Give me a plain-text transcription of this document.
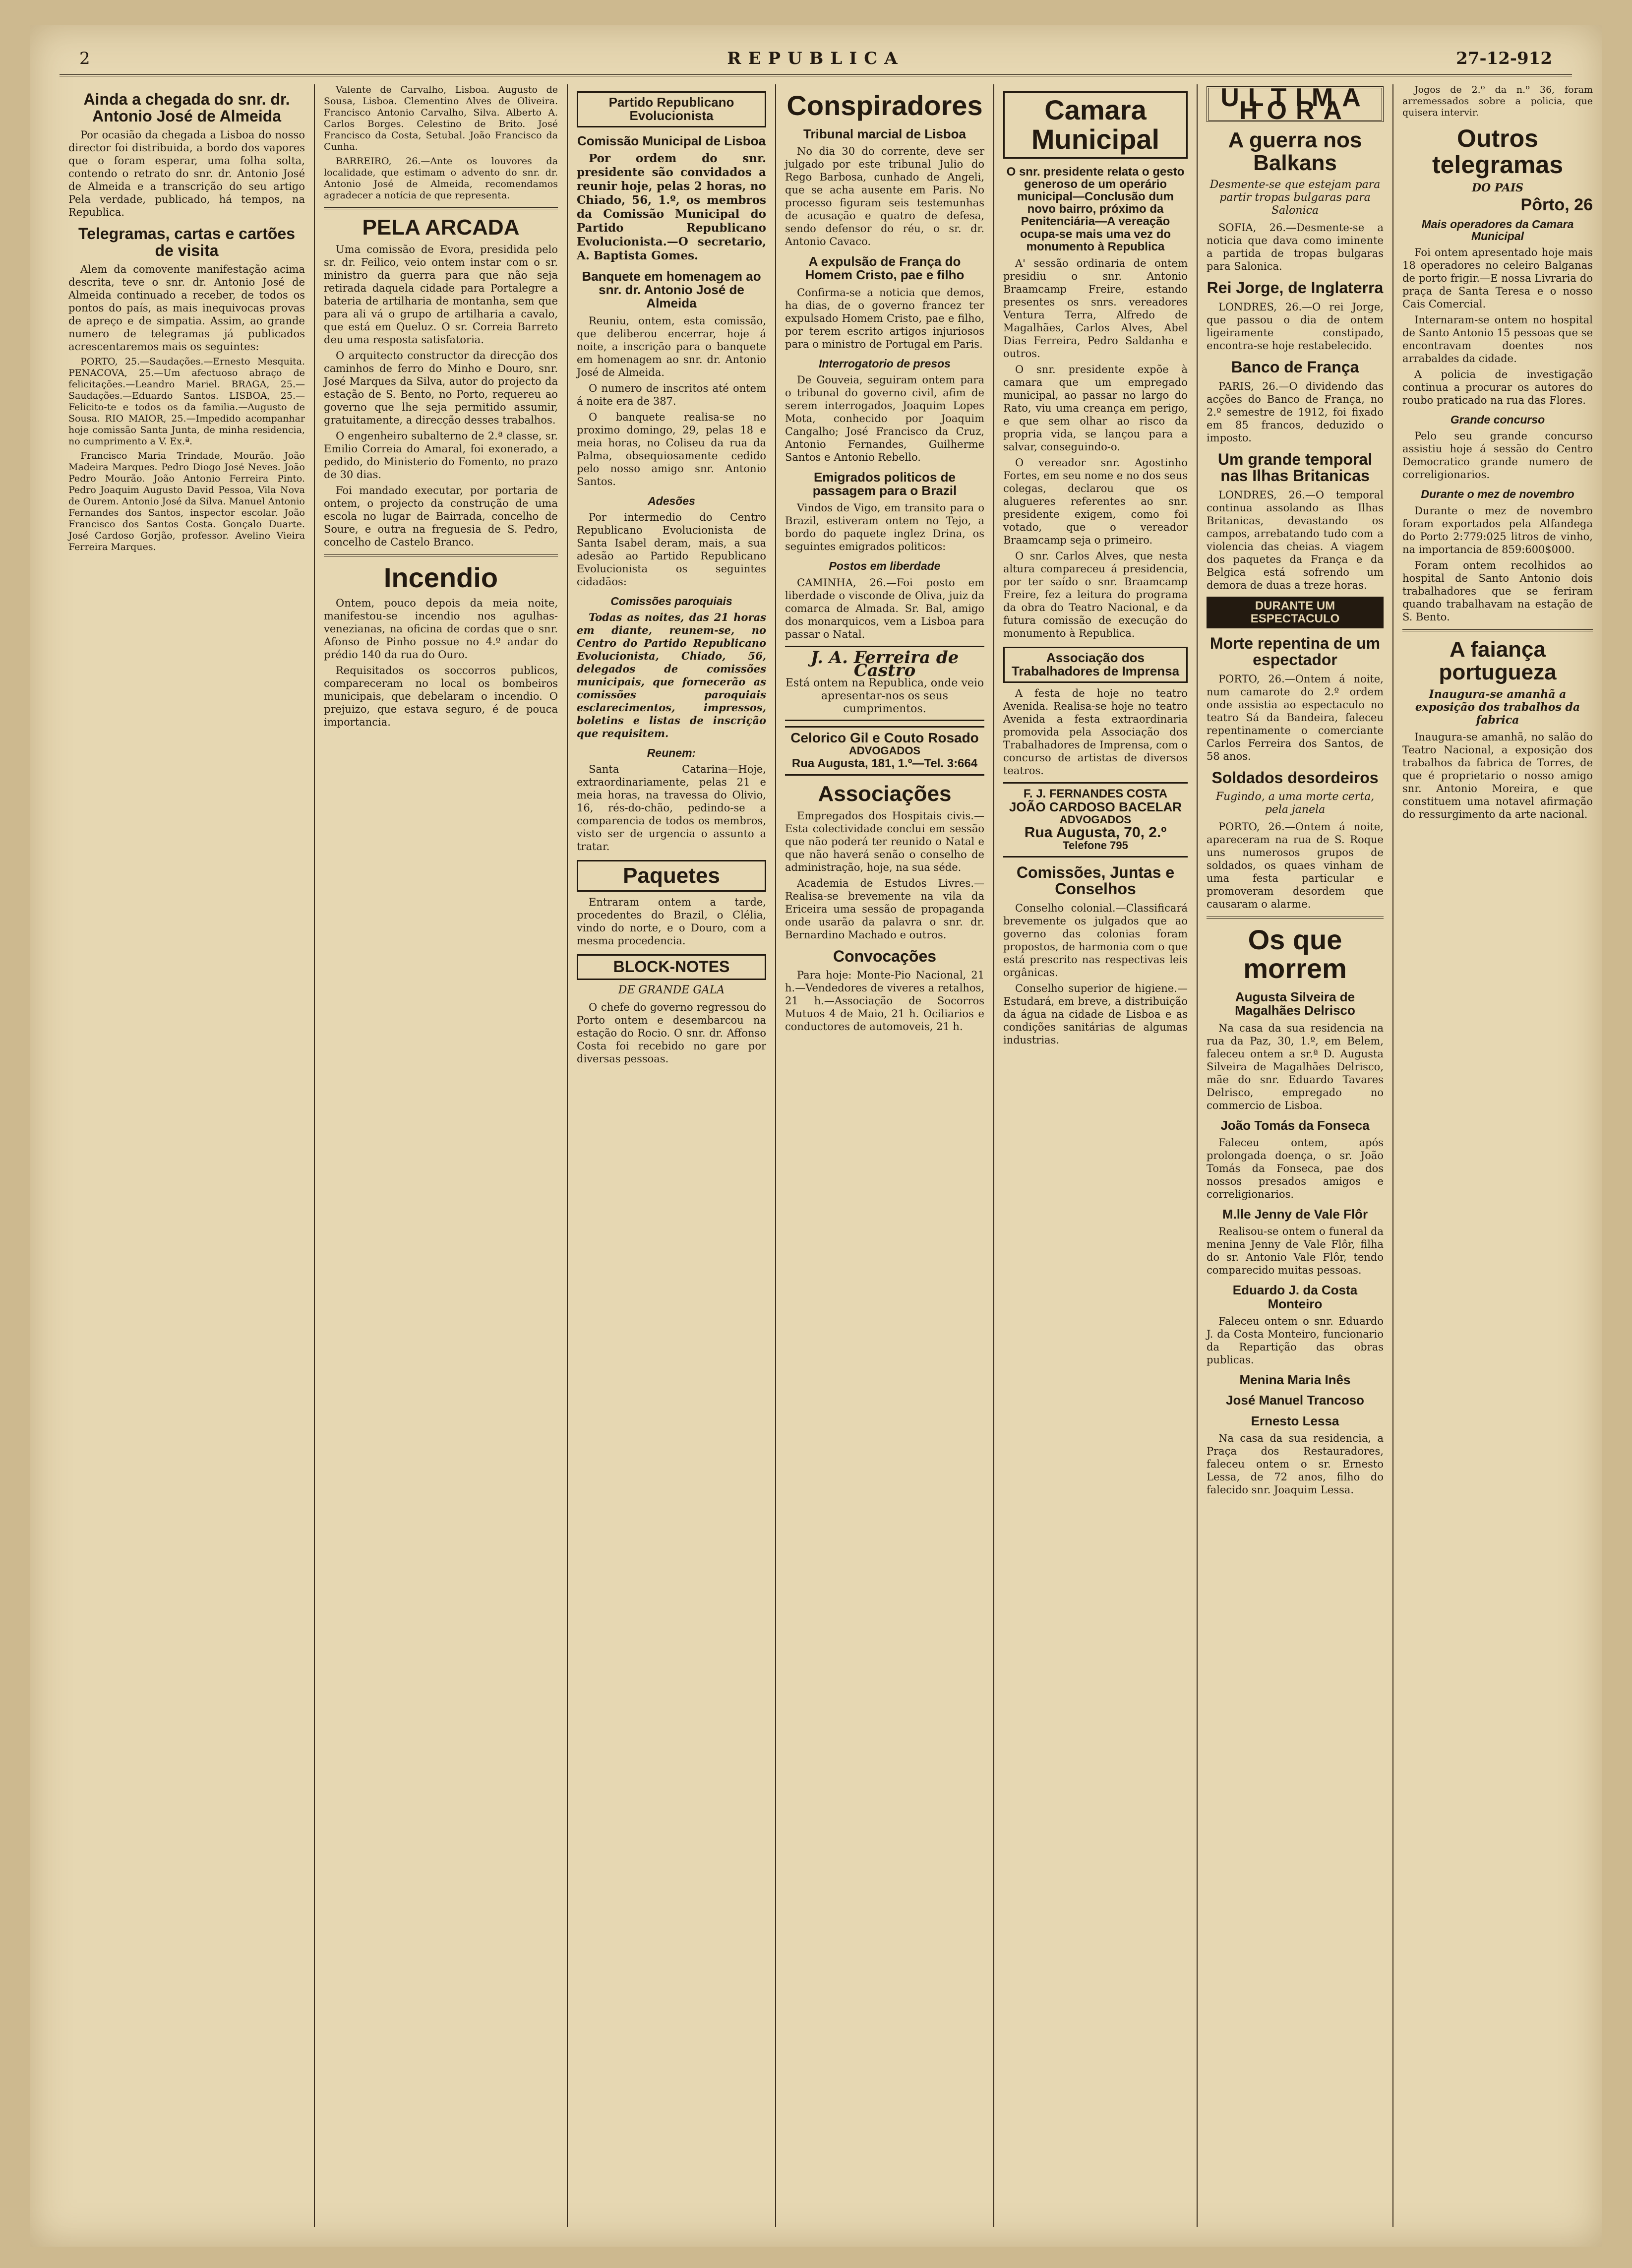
2	REPUBLICA	27-12-912
Ainda a chegada do snr. dr. Antonio José de Almeida

Por ocasião da chegada a Lisboa do nosso director foi distribuida, a bordo dos vapores que o foram esperar, uma folha solta, contendo o retrato do snr. dr. Antonio José de Almeida e a transcrição do seu artigo Pela verdade, publicado, há tempos, na Republica.

Telegramas, cartas e cartões de visita

Alem da comovente manifestação acima descrita, teve o snr. dr. Antonio José de Almeida continuado a receber, de todos os pontos do país, as mais inequivocas provas de apreço e de simpatia. Assim, ao grande numero de telegramas já publicados acrescentaremos mais os seguintes:

PORTO, 25.—Saudações.—Ernesto Mesquita. PENACOVA, 25.—Um afectuoso abraço de felicitações.—Leandro Mariel. BRAGA, 25.—Saudações.—Eduardo Santos. LISBOA, 25.—Felicito-te e todos os da familia.—Augusto de Sousa. RIO MAIOR, 25.—Impedido acompanhar hoje comissão Santa Junta, de minha residencia, no cumprimento a V. Ex.ª.

Francisco Maria Trindade, Mourão. João Madeira Marques. Pedro Diogo José Neves. João Pedro Mourão. João Antonio Ferreira Pinto. Pedro Joaquim Augusto David Pessoa, Vila Nova de Ourem. Antonio José da Silva. Manuel Antonio Fernandes dos Santos, inspector escolar. João Francisco dos Santos Costa. Gonçalo Duarte. José Cardoso Gorjão, professor. Avelino Vieira Ferreira Marques.

Valente de Carvalho, Lisboa. Augusto de Sousa, Lisboa. Clementino Alves de Oliveira. Francisco Antonio Carvalho, Silva. Alberto A. Carlos Borges. Celestino de Brito. José Francisco da Costa, Setubal. João Francisco da Cunha.

BARREIRO, 26.—Ante os louvores da localidade, que estimam o advento do snr. dr. Antonio José de Almeida, recomendamos agradecer a notícia de que representa.

PELA ARCADA

Uma comissão de Evora, presidida pelo sr. dr. Feilico, veio ontem instar com o sr. ministro da guerra para que não seja retirada daquela cidade para Portalegre a bateria de artilharia de montanha, sem que para ali vá o grupo de artilharia a cavalo, que está em Queluz. O sr. Correia Barreto deu uma resposta satisfatoria.

O arquitecto constructor da direcção dos caminhos de ferro do Minho e Douro, snr. José Marques da Silva, autor do projecto da estação de S. Bento, no Porto, requereu ao governo que lhe seja permitido assumir, gratuitamente, a direcção desses trabalhos.

O engenheiro subalterno de 2.ª classe, sr. Emilio Correia do Amaral, foi exonerado, a pedido, do Ministerio do Fomento, no prazo de 30 dias.

Foi mandado executar, por portaria de ontem, o projecto da construção de uma escola no lugar de Bairrada, concelho de Soure, e outra na freguesia de S. Pedro, concelho de Castelo Branco.

Incendio

Ontem, pouco depois da meia noite, manifestou-se incendio nos agulhas-venezianas, na oficina de cordas que o snr. Afonso de Pinho possue no 4.º andar do prédio 140 da rua do Ouro.

Requisitados os soccorros publicos, compareceram no local os bombeiros municipais, que debelaram o incendio. O prejuizo, que estava seguro, é de pouca importancia.

Partido Republicano Evolucionista
Comissão Municipal de Lisboa

Por ordem do snr. presidente são convidados a reunir hoje, pelas 2 horas, no Chiado, 56, 1.º, os membros da Comissão Municipal do Partido Republicano Evolucionista.—O secretario, A. Baptista Gomes.

Banquete em homenagem ao snr. dr. Antonio José de Almeida

Reuniu, ontem, esta comissão, que deliberou encerrar, hoje á noite, a inscrição para o banquete em homenagem ao snr. dr. Antonio José de Almeida.

O numero de inscritos até ontem á noite era de 387.

O banquete realisa-se no proximo domingo, 29, pelas 18 e meia horas, no Coliseu da rua da Palma, obsequiosamente cedido pelo nosso amigo snr. Antonio Santos.

Adesões

Por intermedio do Centro Republicano Evolucionista de Santa Isabel deram, mais, a sua adesão ao Partido Republicano Evolucionista os seguintes cidadãos:

Comissões paroquiais

Todas as noites, das 21 horas em diante, reunem-se, no Centro do Partido Republicano Evolucionista, Chiado, 56, delegados de comissões municipais, que fornecerão as comissões paroquiais esclarecimentos, impressos, boletins e listas de inscrição que requisitem.

Reunem:

Santa Catarina—Hoje, extraordinariamente, pelas 21 e meia horas, na travessa do Olivio, 16, rés-do-chão, pedindo-se a comparencia de todos os membros, visto ser de urgencia o assunto a tratar.

Paquetes

Entraram ontem a tarde, procedentes do Brazil, o Clélia, vindo do norte, e o Douro, com a mesma procedencia.

BLOCK-NOTES
DE GRANDE GALA

O chefe do governo regressou do Porto ontem e desembarcou na estação do Rocio. O snr. dr. Affonso Costa foi recebido no gare por diversas pessoas.

Conspiradores
Tribunal marcial de Lisboa

No dia 30 do corrente, deve ser julgado por este tribunal Julio do Rego Barbosa, cunhado de Angeli, que se acha ausente em Paris. No processo figuram seis testemunhas de acusação e quatro de defesa, sendo defensor do réu, o sr. dr. Antonio Cavaco.

A expulsão de França do Homem Cristo, pae e filho

Confirma-se a noticia que demos, ha dias, de o governo francez ter expulsado Homem Cristo, pae e filho, por terem escrito artigos injuriosos para o ministro de Portugal em Paris.

Interrogatorio de presos

De Gouveia, seguiram ontem para o tribunal do governo civil, afim de serem interrogados, Joaquim Lopes Mota, conhecido por Joaquim Cangalho; José Francisco da Cruz, Antonio Fernandes, Guilherme Santos e Antonio Rebello.

Emigrados politicos de passagem para o Brazil

Vindos de Vigo, em transito para o Brazil, estiveram ontem no Tejo, a bordo do paquete inglez Drina, os seguintes emigrados politicos:

Postos em liberdade

CAMINHA, 26.—Foi posto em liberdade o visconde de Oliva, juiz da comarca de Almada. Sr. Bal, amigo dos monarquicos, vem a Lisboa para passar o Natal.

J. A. Ferreira de Castro
Está ontem na Republica, onde veio apresentar-nos os seus cumprimentos.
Celorico Gil e Couto Rosado
ADVOGADOS
Rua Augusta, 181, 1.º—Tel. 3:664
Associações

Empregados dos Hospitais civis.—Esta colectividade conclui em sessão que não poderá ter reunido o Natal e que não haverá senão o conselho de administração, hoje, na sua séde.

Academia de Estudos Livres.—Realisa-se brevemente na vila da Ericeira uma sessão de propaganda onde usarão da palavra o snr. dr. Bernardino Machado e outros.

Convocações

Para hoje: Monte-Pio Nacional, 21 h.—Vendedores de viveres a retalhos, 21 h.—Associação de Socorros Mutuos 4 de Maio, 21 h. Ociliarios e conductores de automoveis, 21 h.

Camara Municipal
O snr. presidente relata o gesto generoso de um operário municipal—Conclusão dum novo bairro, próximo da Penitenciária—A vereação ocupa-se mais uma vez do monumento à Republica

A' sessão ordinaria de ontem presidiu o snr. Antonio Braamcamp Freire, estando presentes os snrs. vereadores Ventura Terra, Alfredo de Magalhães, Carlos Alves, Abel Dias Ferreira, Pedro Saldanha e outros.

O snr. presidente expõe à camara que um empregado municipal, ao passar no largo do Rato, viu uma creança em perigo, e que sem olhar ao risco da propria vida, se lançou para a salvar, conseguindo-o.

O vereador snr. Agostinho Fortes, em seu nome e no dos seus colegas, declarou que os alugueres referentes ao snr. presidente exigem, como foi votado, que o vereador Braamcamp seja o primeiro.

O snr. Carlos Alves, que nesta altura compareceu á presidencia, por ter saído o snr. Braamcamp Freire, fez a leitura do programa da obra do Teatro Nacional, e da futura comissão de execução do monumento à Republica.

Associação dos Trabalhadores de Imprensa

A festa de hoje no teatro Avenida. Realisa-se hoje no teatro Avenida a festa extraordinaria promovida pela Associação dos Trabalhadores de Imprensa, com o concurso de artistas de diversos teatros.

F. J. FERNANDES COSTA
JOÃO CARDOSO BACELAR
ADVOGADOS
Rua Augusta, 70, 2.º
Telefone 795
Comissões, Juntas e Conselhos

Conselho colonial.—Classificará brevemente os julgados que ao governo das colonias foram propostos, de harmonia com o que está prescrito nas respectivas leis orgânicas.

Conselho superior de higiene.—Estudará, em breve, a distribuição da água na cidade de Lisboa e as condições sanitárias de algumas industrias.

ULTIMA HORA
A guerra nos Balkans
Desmente-se que estejam para partir tropas bulgaras para Salonica

SOFIA, 26.—Desmente-se a noticia que dava como iminente a partida de tropas bulgaras para Salonica.

Rei Jorge, de Inglaterra

LONDRES, 26.—O rei Jorge, que passou o dia de ontem ligeiramente constipado, encontra-se hoje restabelecido.

Banco de França

PARIS, 26.—O dividendo das acções do Banco de França, no 2.º semestre de 1912, foi fixado em 85 francos, deduzido o imposto.

Um grande temporal nas Ilhas Britanicas

LONDRES, 26.—O temporal continua assolando as Ilhas Britanicas, devastando os campos, arrebatando tudo com a violencia das cheias. A viagem dos paquetes da França e da Belgica está sofrendo um demora de duas a treze horas.

DURANTE UM ESPECTACULO
Morte repentina de um espectador

PORTO, 26.—Ontem á noite, num camarote do 2.º ordem onde assistia ao espectaculo no teatro Sá da Bandeira, faleceu repentinamente o comerciante Carlos Ferreira dos Santos, de 58 anos.

Soldados desordeiros
Fugindo, a uma morte certa, pela janela

PORTO, 26.—Ontem á noite, apareceram na rua de S. Roque uns numerosos grupos de soldados, os quaes vinham de uma festa particular e promoveram desordem que causaram o alarme.

Os que morrem
Augusta Silveira de Magalhães Delrisco

Na casa da sua residencia na rua da Paz, 30, 1.º, em Belem, faleceu ontem a sr.ª D. Augusta Silveira de Magalhães Delrisco, mãe do snr. Eduardo Tavares Delrisco, empregado no commercio de Lisboa.

João Tomás da Fonseca

Faleceu ontem, após prolongada doença, o sr. João Tomás da Fonseca, pae dos nossos presados amigos e correligionarios.

M.lle Jenny de Vale Flôr

Realisou-se ontem o funeral da menina Jenny de Vale Flôr, filha do sr. Antonio Vale Flôr, tendo comparecido muitas pessoas.

Eduardo J. da Costa Monteiro

Faleceu ontem o snr. Eduardo J. da Costa Monteiro, funcionario da Repartição das obras publicas.

Menina Maria Inês
José Manuel Trancoso
Ernesto Lessa

Na casa da sua residencia, a Praça dos Restauradores, faleceu ontem o sr. Ernesto Lessa, de 72 anos, filho do falecido snr. Joaquim Lessa.

Jogos de 2.º da n.º 36, foram arremessados sobre a policia, que quisera intervir.

Outros telegramas
DO PAIS
Pôrto, 26
Mais operadores da Camara Municipal

Foi ontem apresentado hoje mais 18 operadores no celeiro Balganas de porto frigir.—E nossa Livraria do praça de Santa Teresa e o nosso Cais Comercial.

Internaram-se ontem no hospital de Santo Antonio 15 pessoas que se encontravam doentes nos arrabaldes da cidade.

A policia de investigação continua a procurar os autores do roubo praticado na rua das Flores.

Grande concurso

Pelo seu grande concurso assistiu hoje á sessão do Centro Democratico grande numero de correligionarios.

Durante o mez de novembro

Durante o mez de novembro foram exportados pela Alfandega do Porto 2:779:025 litros de vinho, na importancia de 859:600$000.

Foram ontem recolhidos ao hospital de Santo Antonio dois trabalhadores que se feriram quando trabalhavam na estação de S. Bento.

A faiança portugueza
Inaugura-se amanhã a exposição dos trabalhos da fabrica

Inaugura-se amanhã, no salão do Teatro Nacional, a exposição dos trabalhos da fabrica de Torres, de que é proprietario o nosso amigo snr. Antonio Moreira, e que constituem uma notavel afirmação do ressurgimento da arte nacional.
